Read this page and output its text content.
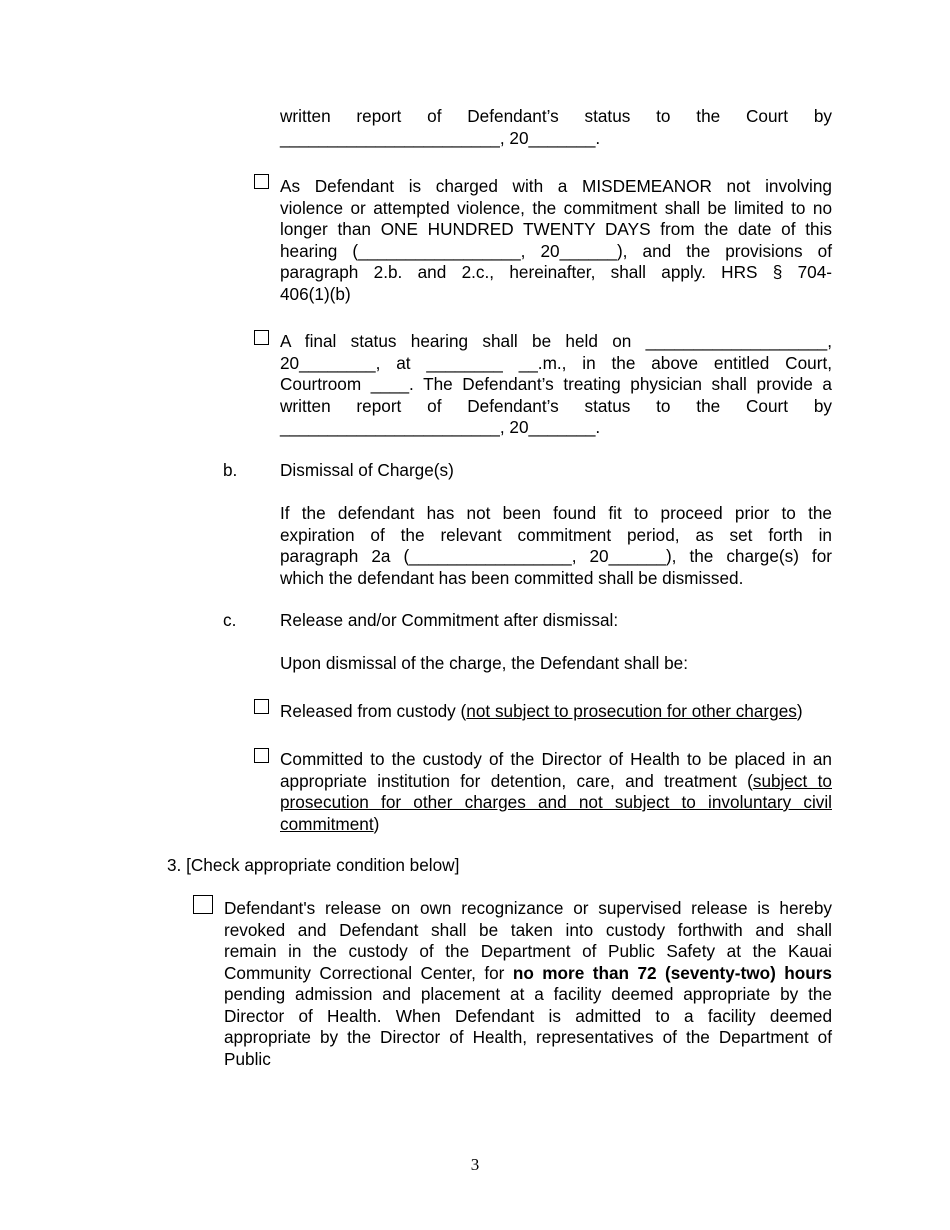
written report of Defendant’s status to the Court by
_______________________, 20_______.
As Defendant is charged with a MISDEMEANOR not involving
violence or attempted violence, the commitment shall be limited to no
longer than ONE HUNDRED TWENTY DAYS from the date of this
hearing (_________________, 20______), and the provisions of
paragraph 2.b. and 2.c., hereinafter, shall apply. HRS § 704-
406(1)(b)
A final status hearing shall be held on ___________________,
20________, at ________ __.m., in the above entitled Court,
Courtroom ____. The Defendant’s treating physician shall provide a
written report of Defendant’s status to the Court by
_______________________, 20_______.
b. Dismissal of Charge(s)
If the defendant has not been found fit to proceed prior to the
expiration of the relevant commitment period, as set forth in
paragraph 2a (_________________, 20______), the charge(s) for
which the defendant has been committed shall be dismissed.
c.	Release and/or Commitment after dismissal:
Upon dismissal of the charge, the Defendant shall be:
Released from custody (not subject to prosecution for other charges)
Committed to the custody of the Director of Health to be placed in an
appropriate institution for detention, care, and treatment (subject to
prosecution for other charges and not subject to involuntary civil
commitment)
3. [Check appropriate condition below]
Defendant's release on own recognizance or supervised release is hereby
revoked and Defendant shall be taken into custody forthwith and shall
remain in the custody of the Department of Public Safety at the Kauai
Community Correctional Center, for no more than 72 (seventy-two) hours
pending admission and placement at a facility deemed appropriate by the
Director of Health. When Defendant is admitted to a facility deemed
appropriate by the Director of Health, representatives of the Department of
Public
3
